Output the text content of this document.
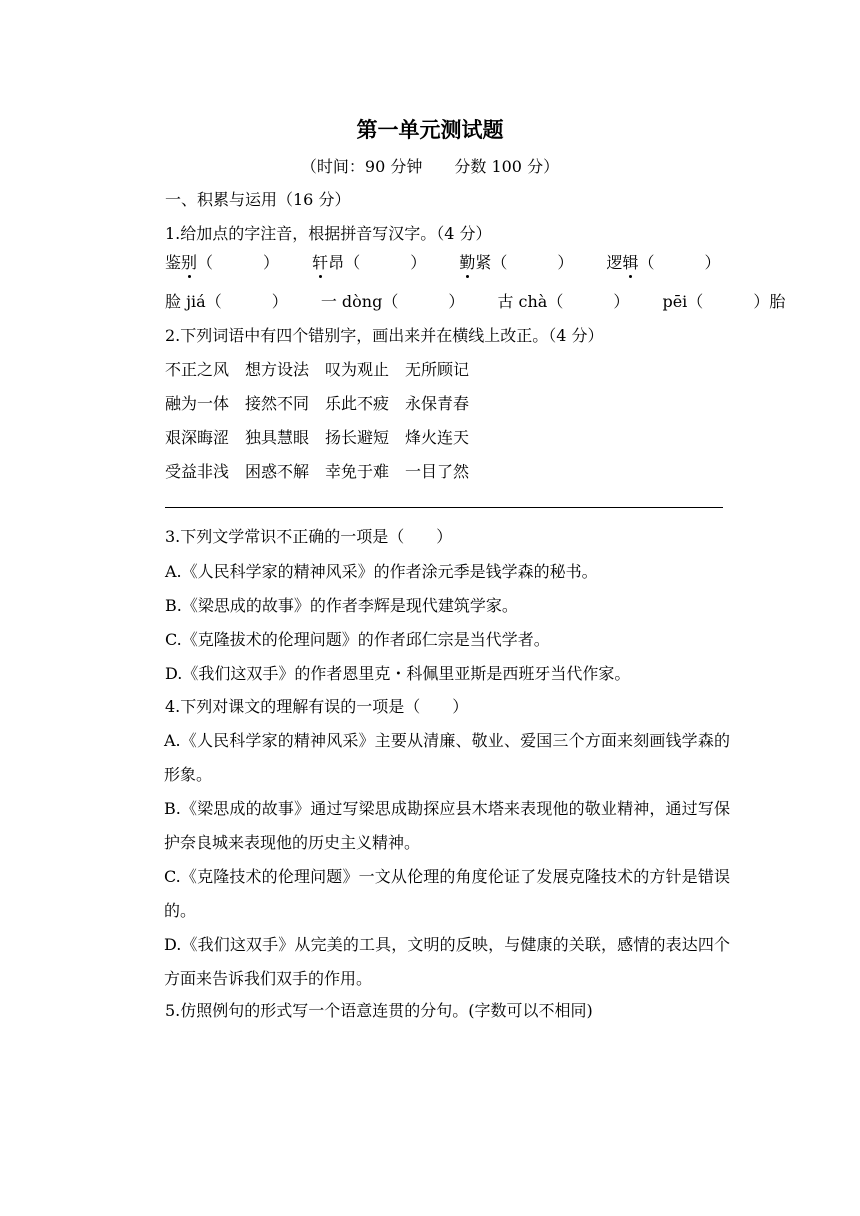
第一单元测试题
（时间：90 分钟　　分数 100 分）
一、积累与运用（16 分）
1.给加点的字注音，根据拼音写汉字。（4 分）
鉴别（	） 轩昂（	） 勤紧（	） 逻辑（	）
脸 jiá（	） 一 dòng（	） 古 chà（	） pēi（	）胎
2.下列词语中有四个错别字，画出来并在横线上改正。（4 分）
不正之风 想方设法 叹为观止 无所顾记
融为一体 接然不同 乐此不疲 永保青春
艰深晦涩 独具慧眼 扬长避短 烽火连天
受益非浅 困惑不解 幸免于难 一目了然
3.下列文学常识不正确的一项是（　　）
A.《人民科学家的精神风采》的作者涂元季是钱学森的秘书。
B.《梁思成的故事》的作者李辉是现代建筑学家。
C.《克隆拔术的伦理问题》的作者邱仁宗是当代学者。
D.《我们这双手》的作者恩里克・科佩里亚斯是西班牙当代作家。
4.下列对课文的理解有误的一项是（　　）
A.《人民科学家的精神风采》主要从清廉、敬业、爱国三个方面来刻画钱学森的形象。
B.《梁思成的故事》通过写梁思成勘探应县木塔来表现他的敬业精神，通过写保护奈良城来表现他的历史主义精神。
C.《克隆技术的伦理问题》一文从伦理的角度伦证了发展克隆技术的方针是错误的。
D.《我们这双手》从完美的工具，文明的反映，与健康的关联，感情的表达四个方面来告诉我们双手的作用。
5.仿照例句的形式写一个语意连贯的分句。(字数可以不相同)
